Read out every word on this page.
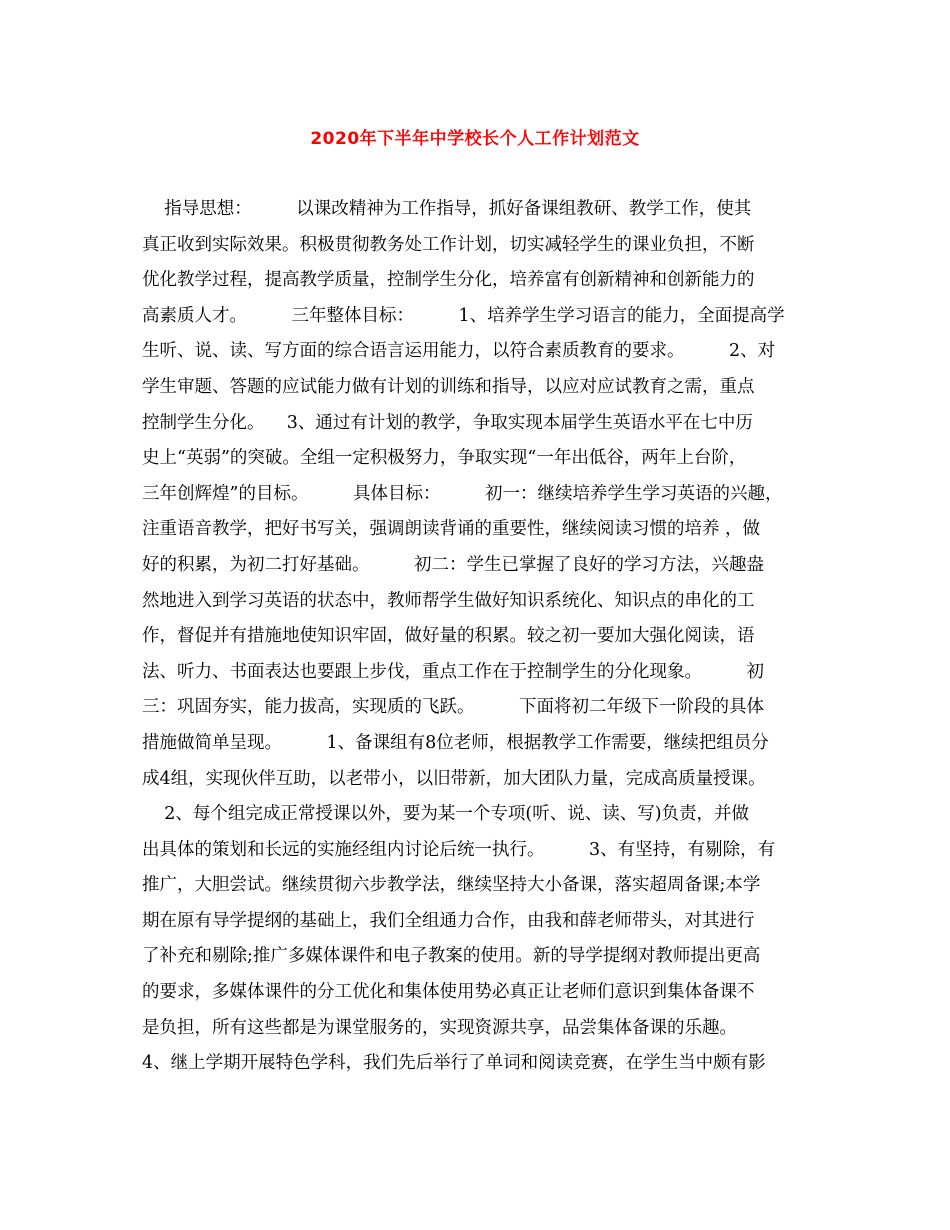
2020年下半年中学校长个人工作计划范文
指导思想：        以课改精神为工作指导，抓好备课组教研、教学工作，使其
真正收到实际效果。积极贯彻教务处工作计划，切实减轻学生的课业负担，不断
优化教学过程，提高教学质量，控制学生分化，培养富有创新精神和创新能力的
高素质人才。        三年整体目标：        1、培养学生学习语言的能力，全面提高学
生听、说、读、写方面的综合语言运用能力，以符合素质教育的要求。        2、对
学生审题、答题的应试能力做有计划的训练和指导，以应对应试教育之需，重点
控制学生分化。    3、通过有计划的教学，争取实现本届学生英语水平在七中历
史上“英弱”的突破。全组一定积极努力，争取实现“一年出低谷，两年上台阶，
三年创辉煌”的目标。        具体目标：        初一：继续培养学生学习英语的兴趣，
注重语音教学，把好书写关，强调朗读背诵的重要性，继续阅读习惯的培养 ，做
好的积累，为初二打好基础。        初二：学生已掌握了良好的学习方法，兴趣盎
然地进入到学习英语的状态中，教师帮学生做好知识系统化、知识点的串化的工
作，督促并有措施地使知识牢固，做好量的积累。较之初一要加大强化阅读，语
法、听力、书面表达也要跟上步伐，重点工作在于控制学生的分化现象。        初
三：巩固夯实，能力拔高，实现质的飞跃。        下面将初二年级下一阶段的具体
措施做简单呈现。        1、备课组有8位老师，根据教学工作需要，继续把组员分
成4组，实现伙伴互助，以老带小，以旧带新，加大团队力量，完成高质量授课。
2、每个组完成正常授课以外，要为某一个专项(听、说、读、写)负责，并做
出具体的策划和长远的实施经组内讨论后统一执行。        3、有坚持，有剔除，有
推广，大胆尝试。继续贯彻六步教学法，继续坚持大小备课，落实超周备课;本学
期在原有导学提纲的基础上，我们全组通力合作，由我和薛老师带头，对其进行
了补充和剔除;推广多媒体课件和电子教案的使用。新的导学提纲对教师提出更高
的要求，多媒体课件的分工优化和集体使用势必真正让老师们意识到集体备课不
是负担，所有这些都是为课堂服务的，实现资源共享，品尝集体备课的乐趣。
4、继上学期开展特色学科，我们先后举行了单词和阅读竞赛，在学生当中颇有影
